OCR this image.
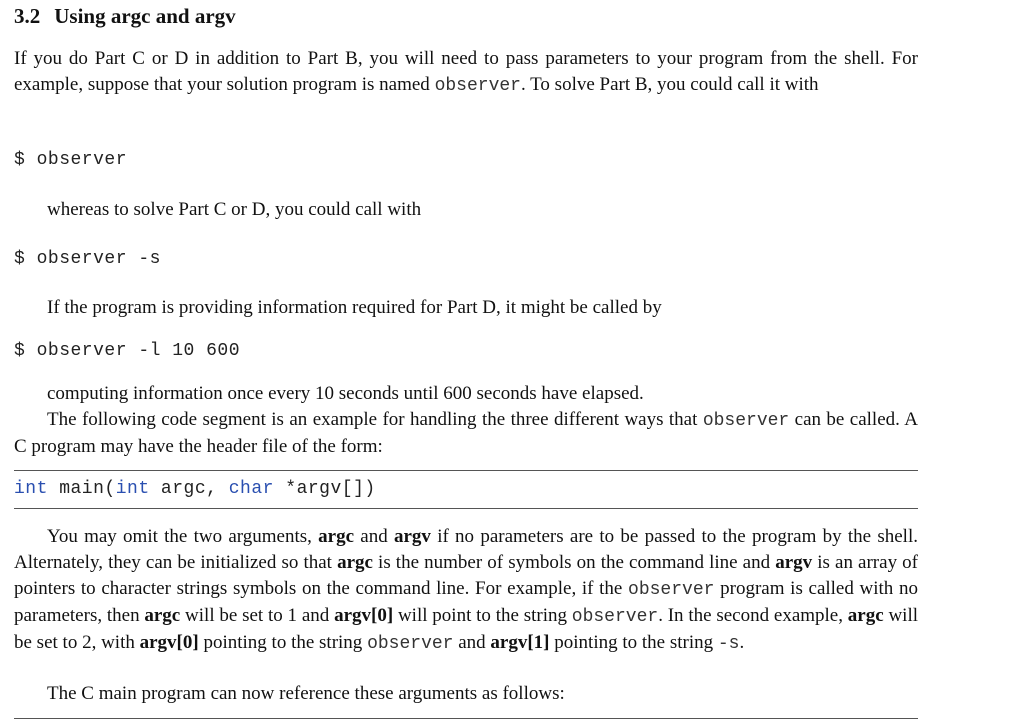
3.2 Using argc and argv
If you do Part C or D in addition to Part B, you will need to pass parameters to your program from the shell. For example, suppose that your solution program is named observer. To solve Part B, you could call it with
$ observer
whereas to solve Part C or D, you could call with
$ observer -s
If the program is providing information required for Part D, it might be called by
$ observer -l 10 600
computing information once every 10 seconds until 600 seconds have elapsed.
The following code segment is an example for handling the three different ways that observer can be called. A C program may have the header file of the form:
int main(int argc, char *argv[])
You may omit the two arguments, argc and argv if no parameters are to be passed to the program by the shell. Alternately, they can be initialized so that argc is the number of symbols on the command line and argv is an array of pointers to character strings symbols on the command line. For example, if the observer program is called with no parameters, then argc will be set to 1 and argv[0] will point to the string observer. In the second example, argc will be set to 2, with argv[0] pointing to the string observer and argv[1] pointing to the string -s.
The C main program can now reference these arguments as follows:
